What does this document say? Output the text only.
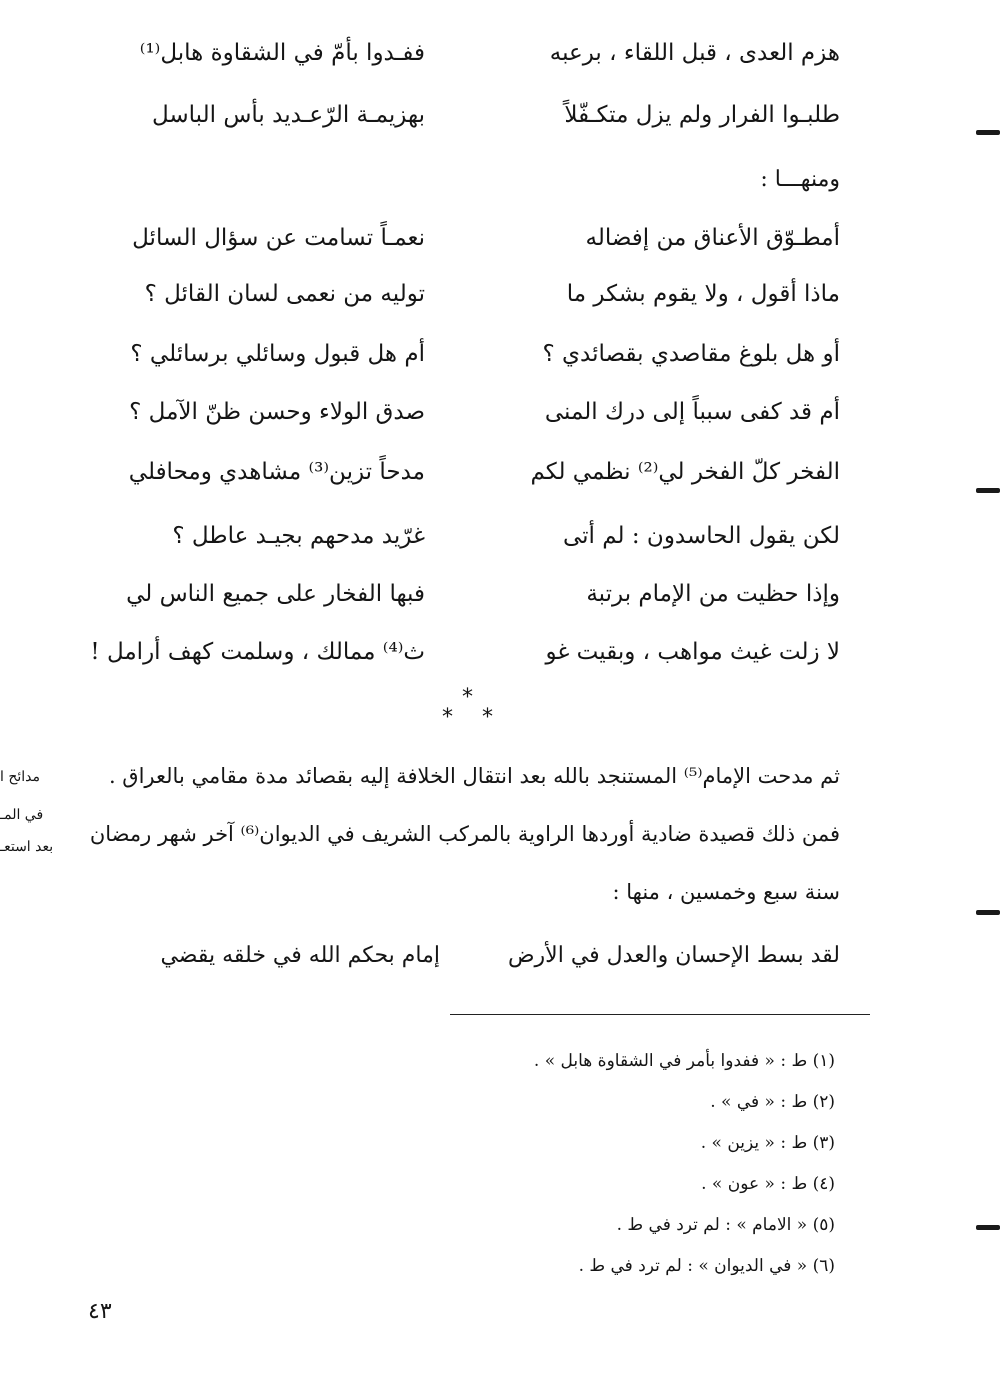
هزم العدى ، قبل اللقاء ، برعبه
ففـدوا بأمّ في الشقاوة هابل⁽¹⁾
طلبـوا الفرار ولم يزل متكـفّلاً
بهزيمـة الرّعـديد بأس الباسل
ومنهـــا :
أمطـوّق الأعناق من إفضاله
نعمـاً تسامت عن سؤال السائل
ماذا أقول ، ولا يقوم بشكر ما
توليه من نعمى لسان القائل ؟
أو هل بلوغ مقاصدي بقصائدي ؟
أم هل قبول وسائلي برسائلي ؟
أم قد كفى سبباً إلى درك المنى
صدق الولاء وحسن ظنّ الآمل ؟
الفخر كلّ الفخر لي⁽²⁾ نظمي لكم
مدحاً تزين⁽³⁾ مشاهدي ومحافلي
لكن يقول الحاسدون : لم أتى
غرّيد مدحهم بجيـد عاطل ؟
وإذا حظيت من الإمام برتبة
فبها الفخار على جميع الناس لي
لا زلت غيث مواهب ، وبقيت غو
ث⁽⁴⁾ ممالك ، وسلمت كهف أرامل !
*
* *
ثم مدحت الإمام⁽⁵⁾ المستنجد بالله بعد انتقال الخلافة إليه بقصائد مدة مقامي بالعراق .
فمن ذلك قصيدة ضادية أوردها الراوية بالمركب الشريف في الديوان⁽⁶⁾ آخر شهر رمضان
سنة سبع وخمسين ، منها :
لقد بسط الإحسان والعدل في الأرض
إمام بحكم الله في خلقه يقضي
(١) ط : « ففدوا بأمر في الشقاوة هابل » .
(٢) ط : « في » .
(٣) ط : « يزين » .
(٤) ط : « عون » .
(٥) « الامام » : لم ترد في ط .
(٦) « في الديوان » : لم ترد في ط .
٤٣
مدائح ا
في المـ
بعد استعـ
